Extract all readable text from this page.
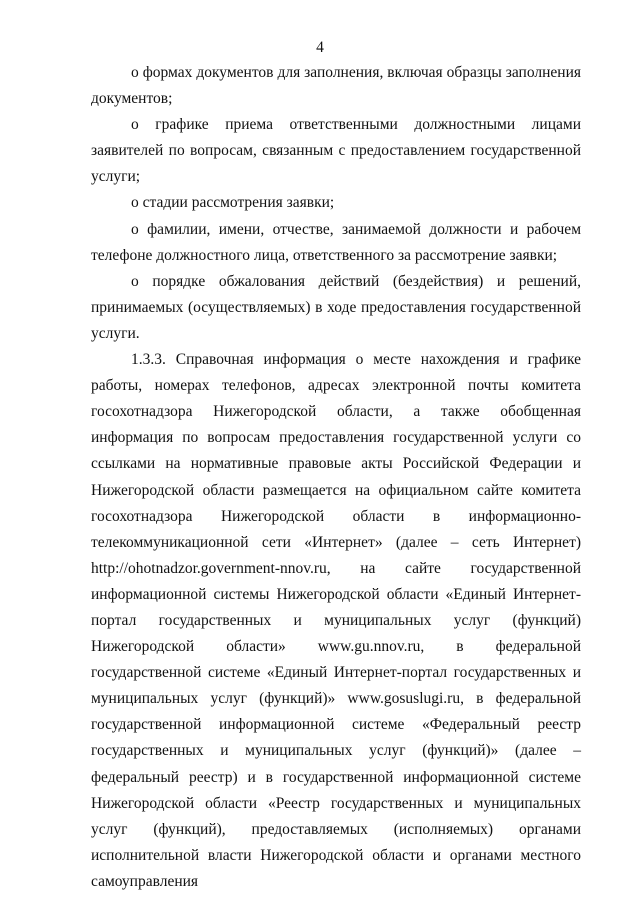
4

о формах документов для заполнения, включая образцы заполнения документов;

о графике приема ответственными должностными лицами заявителей по вопросам, связанным с предоставлением государственной услуги;

о стадии рассмотрения заявки;

о фамилии, имени, отчестве, занимаемой должности и рабочем телефоне должностного лица, ответственного за рассмотрение заявки;

о порядке обжалования действий (бездействия) и решений, принимаемых (осуществляемых) в ходе предоставления государственной услуги.

1.3.3. Справочная информация о месте нахождения и графике работы, номерах телефонов, адресах электронной почты комитета госохотнадзора Нижегородской области, а также обобщенная информация по вопросам предоставления государственной услуги со ссылками на нормативные правовые акты Российской Федерации и Нижегородской области размещается на официальном сайте комитета госохотнадзора Нижегородской области в информационно-телекоммуникационной сети «Интернет» (далее – сеть Интернет) http://ohotnadzor.government-nnov.ru, на сайте государственной информационной системы Нижегородской области «Единый Интернет-портал государственных и муниципальных услуг (функций) Нижегородской области» www.gu.nnov.ru, в федеральной государственной системе «Единый Интернет-портал государственных и муниципальных услуг (функций)» www.gosuslugi.ru, в федеральной государственной информационной системе «Федеральный реестр государственных и муниципальных услуг (функций)» (далее – федеральный реестр) и в государственной информационной системе Нижегородской области «Реестр государственных и муниципальных услуг (функций), предоставляемых (исполняемых) органами исполнительной власти Нижегородской области и органами местного самоуправления
